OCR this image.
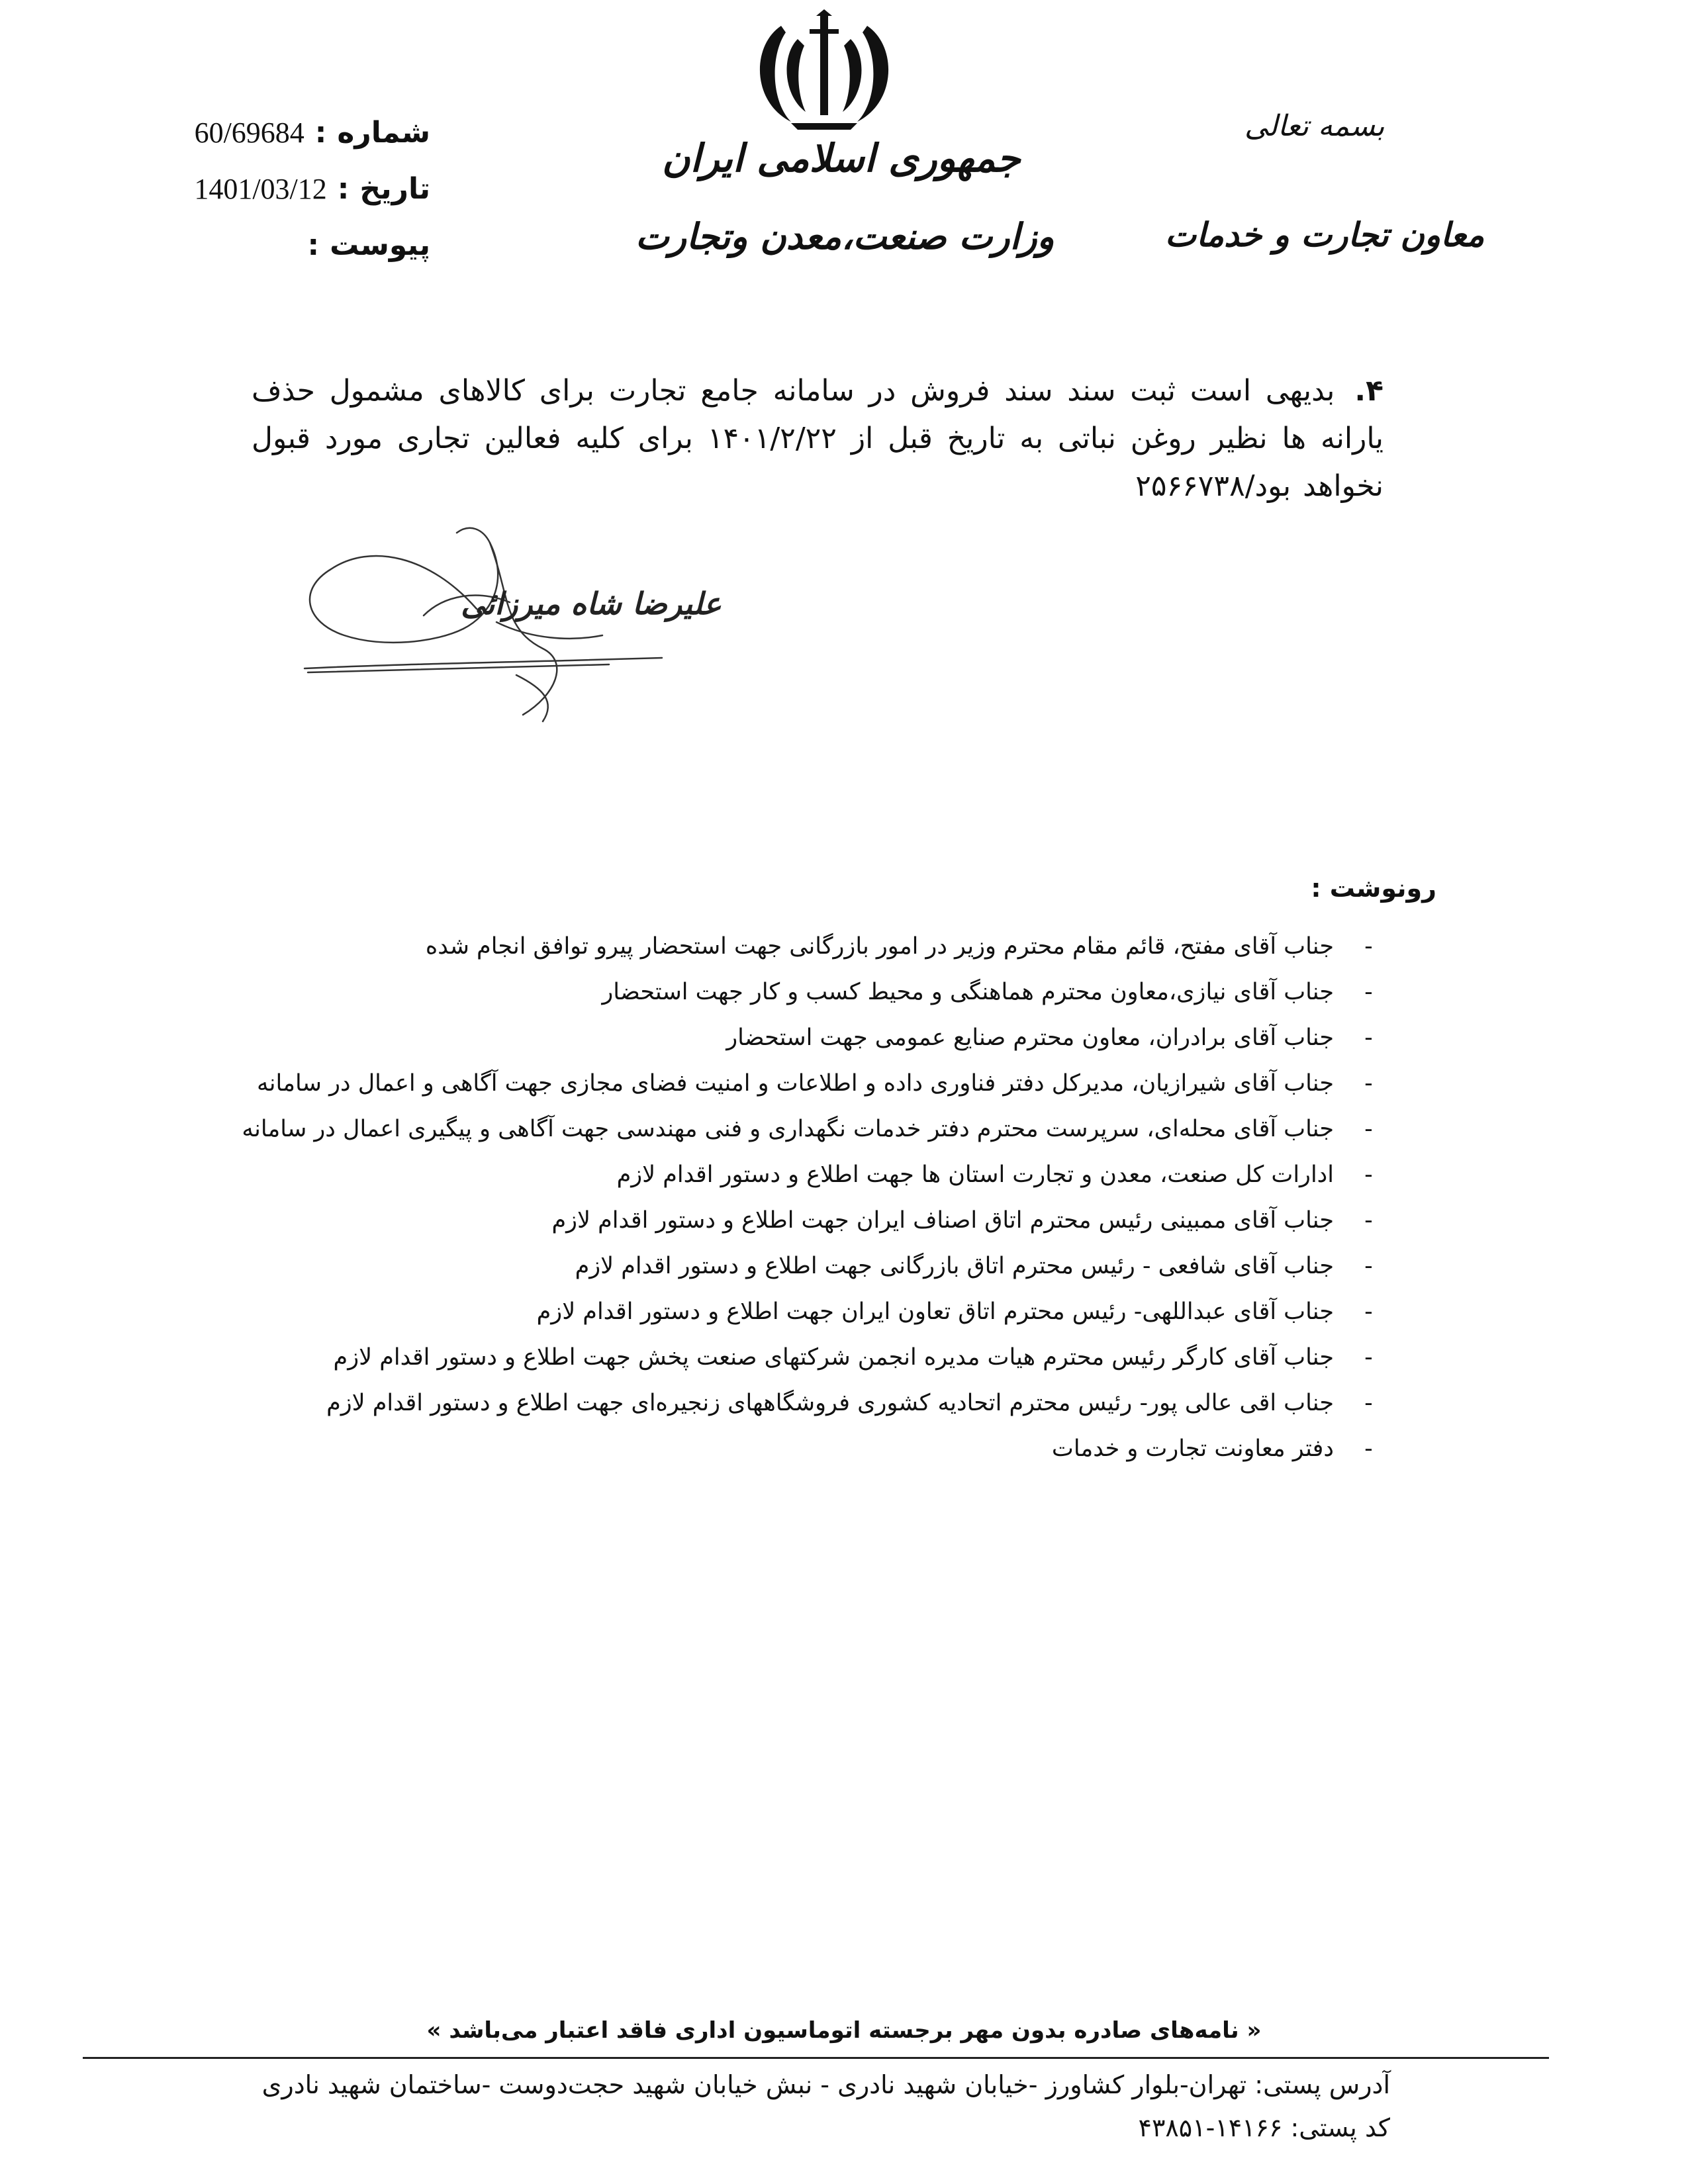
جمهوری اسلامی ایران
وزارت صنعت،معدن وتجارت
بسمه تعالی
معاون تجارت و خدمات
شماره
:
60/69684
تاریخ
:
1401/03/12
پیوست
:
۴.بدیهی است ثبت سند سند فروش در سامانه جامع تجارت برای کالاهای مشمول حذف یارانه ها نظیر روغن نباتی به تاریخ قبل از ۱۴۰۱/۲/۲۲ برای کلیه فعالین تجاری مورد قبول نخواهد بود/۲۵۶۶۷۳۸
علیرضا شاه میرزائی
رونوشت :
-
جناب آقای مفتح، قائم مقام محترم وزیر در امور بازرگانی جهت استحضار پیرو توافق انجام شده
-
جناب آقای نیازی،معاون محترم هماهنگی و محیط کسب و کار جهت استحضار
-
جناب آقای برادران، معاون محترم صنایع عمومی جهت استحضار
-
جناب آقای شیرازیان، مدیرکل دفتر فناوری داده و اطلاعات و امنیت فضای مجازی جهت آگاهی و اعمال در سامانه
-
جناب آقای محله‌ای، سرپرست محترم دفتر خدمات نگهداری و فنی مهندسی جهت آگاهی و پیگیری اعمال در سامانه
-
ادارات کل صنعت، معدن و تجارت استان ها جهت اطلاع و دستور اقدام لازم
-
جناب آقای ممبینی رئیس محترم اتاق اصناف ایران جهت اطلاع و دستور اقدام لازم
-
جناب آقای شافعی - رئیس محترم اتاق بازرگانی جهت اطلاع و دستور اقدام لازم
-
جناب آقای عبداللهی- رئیس محترم اتاق تعاون ایران جهت اطلاع و دستور اقدام لازم
-
جناب آقای کارگر رئیس محترم هیات مدیره انجمن شرکتهای صنعت پخش جهت اطلاع و دستور اقدام لازم
-
جناب اقی عالی پور- رئیس محترم اتحادیه کشوری فروشگاههای زنجیره‌ای جهت اطلاع و دستور اقدام لازم
-
دفتر معاونت تجارت و خدمات
« نامه‌های صادره بدون مهر برجسته اتوماسیون اداری فاقد اعتبار می‌باشد »
آدرس پستی: تهران-بلوار کشاورز -خیابان شهید نادری - نبش خیابان شهید حجت‌دوست -ساختمان شهید نادری
کد پستی: ۱۴۱۶۶-۴۳۸۵۱
